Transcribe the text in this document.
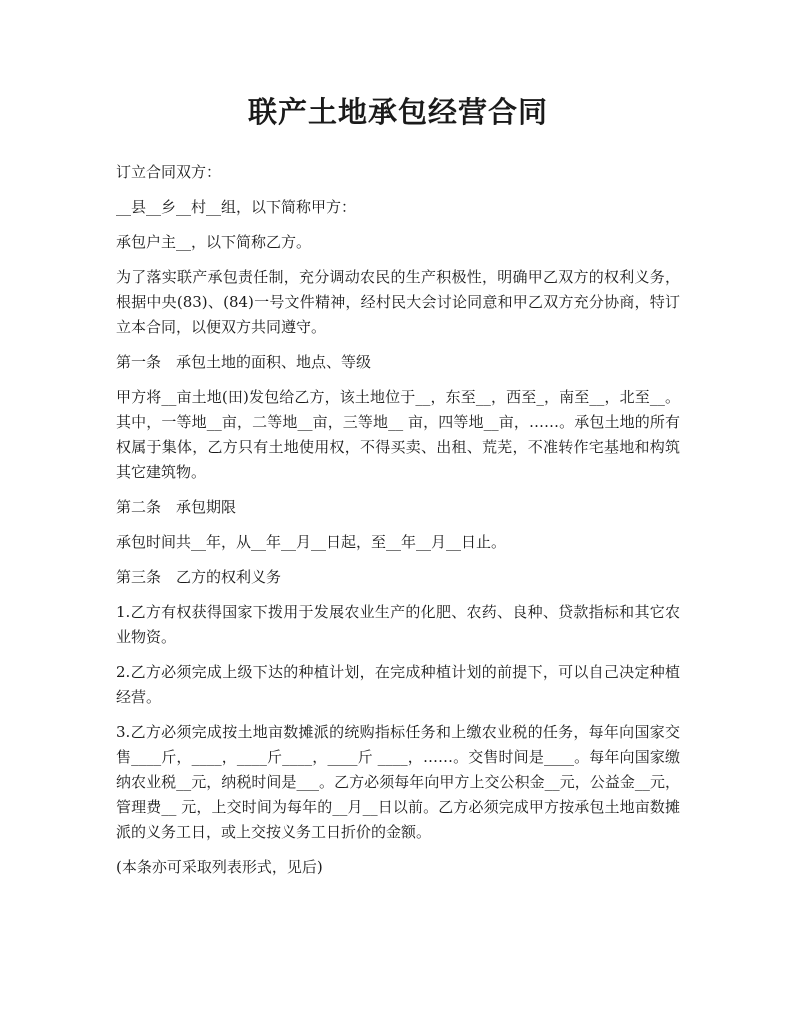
联产土地承包经营合同
订立合同双方：
__县__乡__村__组，以下简称甲方：
承包户主__，以下简称乙方。
为了落实联产承包责任制，充分调动农民的生产积极性，明确甲乙双方的权利义务，根据中央(83)、(84)一号文件精神，经村民大会讨论同意和甲乙双方充分协商，特订立本合同，以便双方共同遵守。
第一条　承包土地的面积、地点、等级
甲方将__亩土地(田)发包给乙方，该土地位于__，东至__，西至_，南至__，北至__。其中，一等地__亩，二等地__亩，三等地__ 亩，四等地__亩，……。承包土地的所有权属于集体，乙方只有土地使用权，不得买卖、出租、荒芜，不准转作宅基地和构筑其它建筑物。
第二条　承包期限
承包时间共__年，从__年__月__日起，至__年__月__日止。
第三条　乙方的权利义务
1.乙方有权获得国家下拨用于发展农业生产的化肥、农药、良种、贷款指标和其它农业物资。
2.乙方必须完成上级下达的种植计划，在完成种植计划的前提下，可以自己决定种植经营。
3.乙方必须完成按土地亩数摊派的统购指标任务和上缴农业税的任务，每年向国家交售____斤，____，____斤____，____斤 ____，……。交售时间是____。每年向国家缴纳农业税__元，纳税时间是___。乙方必须每年向甲方上交公积金__元，公益金__元，管理费__ 元，上交时间为每年的__月__日以前。乙方必须完成甲方按承包土地亩数摊派的义务工日，或上交按义务工日折价的金额。
(本条亦可采取列表形式，见后)
